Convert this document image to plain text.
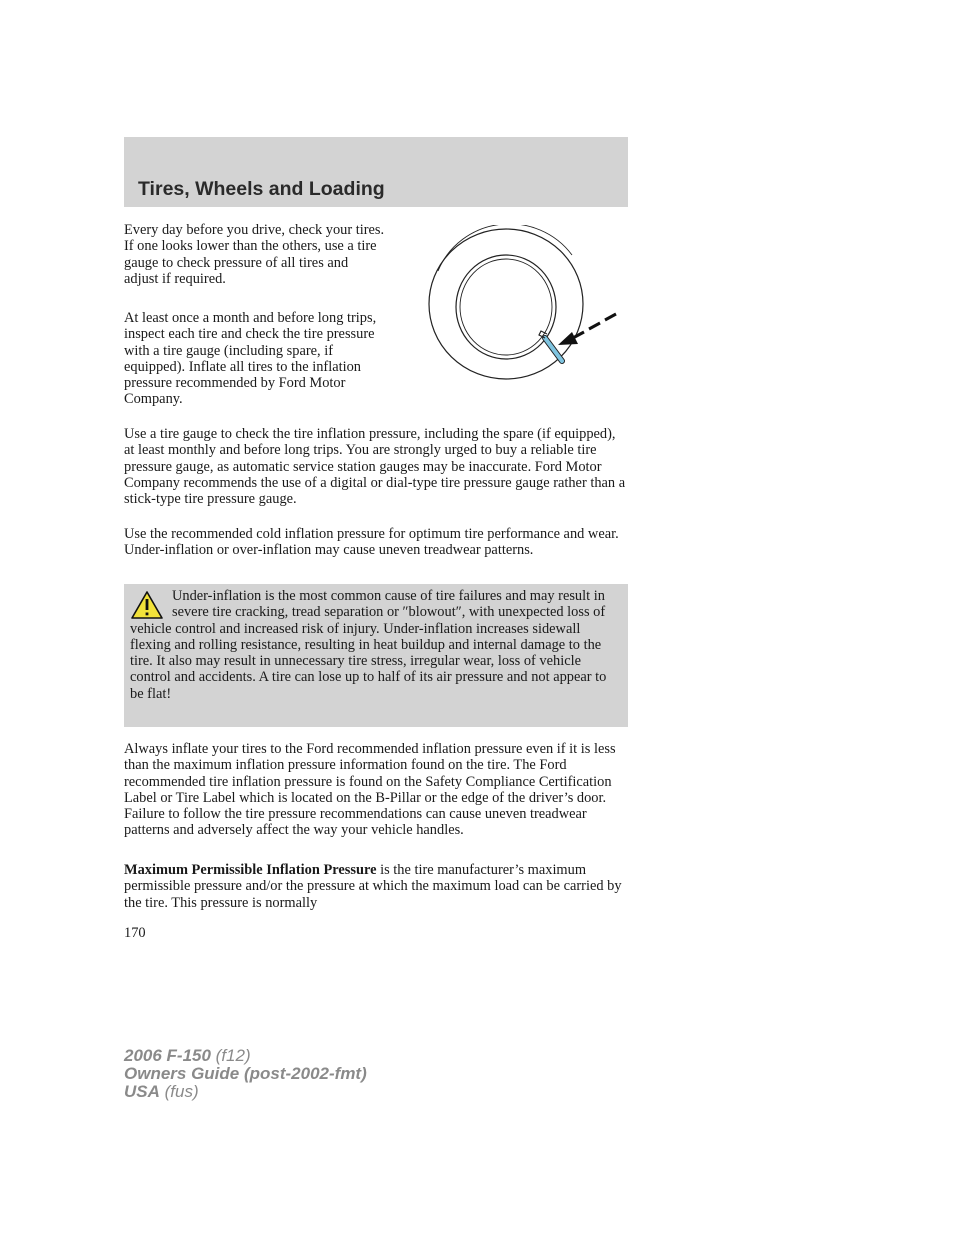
Tires, Wheels and Loading

Every day before you drive, check your tires. If one looks lower than the others, use a tire gauge to check pressure of all tires and adjust if required.

At least once a month and before long trips, inspect each tire and check the tire pressure with a tire gauge (including spare, if equipped). Inflate all tires to the inflation pressure recommended by Ford Motor Company.

Use a tire gauge to check the tire inflation pressure, including the spare (if equipped), at least monthly and before long trips. You are strongly urged to buy a reliable tire pressure gauge, as automatic service station gauges may be inaccurate. Ford Motor Company recommends the use of a digital or dial-type tire pressure gauge rather than a stick-type tire pressure gauge.

Use the recommended cold inflation pressure for optimum tire performance and wear. Under-inflation or over-inflation may cause uneven treadwear patterns.

Under-inflation is the most common cause of tire failures and may result in severe tire cracking, tread separation or ″blowout″, with unexpected loss of vehicle control and increased risk of injury. Under-inflation increases sidewall flexing and rolling resistance, resulting in heat buildup and internal damage to the tire. It also may result in unnecessary tire stress, irregular wear, loss of vehicle control and accidents. A tire can lose up to half of its air pressure and not appear to be flat!

Always inflate your tires to the Ford recommended inflation pressure even if it is less than the maximum inflation pressure information found on the tire. The Ford recommended tire inflation pressure is found on the Safety Compliance Certification Label or Tire Label which is located on the B-Pillar or the edge of the driver’s door. Failure to follow the tire pressure recommendations can cause uneven treadwear patterns and adversely affect the way your vehicle handles.

Maximum Permissible Inflation Pressure is the tire manufacturer’s maximum permissible pressure and/or the pressure at which the maximum load can be carried by the tire. This pressure is normally

170

2006 F-150 (f12)
Owners Guide (post-2002-fmt)
USA (fus)
